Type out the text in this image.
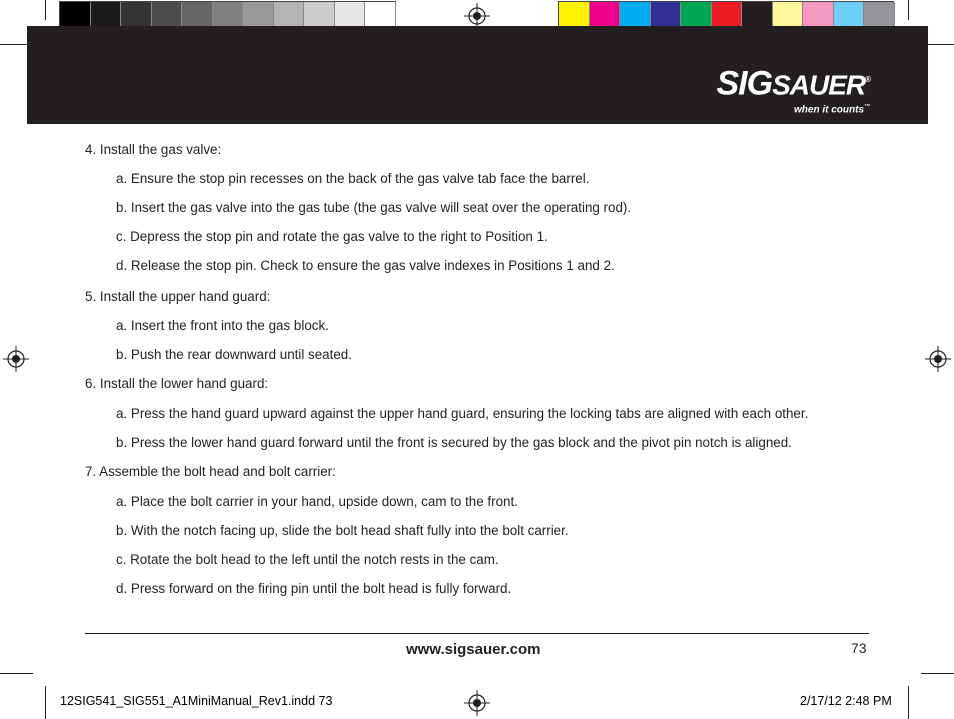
SIGSAUER®
when it counts™
4. Install the gas valve:
a. Ensure the stop pin recesses on the back of the gas valve tab face the barrel.
b. Insert the gas valve into the gas tube (the gas valve will seat over the operating rod).
c. Depress the stop pin and rotate the gas valve to the right to Position 1.
d. Release the stop pin. Check to ensure the gas valve indexes in Positions 1 and 2.
5. Install the upper hand guard:
a. Insert the front into the gas block.
b. Push the rear downward until seated.
6. Install the lower hand guard:
a. Press the hand guard upward against the upper hand guard, ensuring the locking tabs are aligned with each other.
b. Press the lower hand guard forward until the front is secured by the gas block and the pivot pin notch is aligned.
7. Assemble the bolt head and bolt carrier:
a. Place the bolt carrier in your hand, upside down, cam to the front.
b. With the notch facing up, slide the bolt head shaft fully into the bolt carrier.
c. Rotate the bolt head to the left until the notch rests in the cam.
d. Press forward on the firing pin until the bolt head is fully forward.
www.sigsauer.com	73
12SIG541_SIG551_A1MiniManual_Rev1.indd 73	2/17/12 2:48 PM
